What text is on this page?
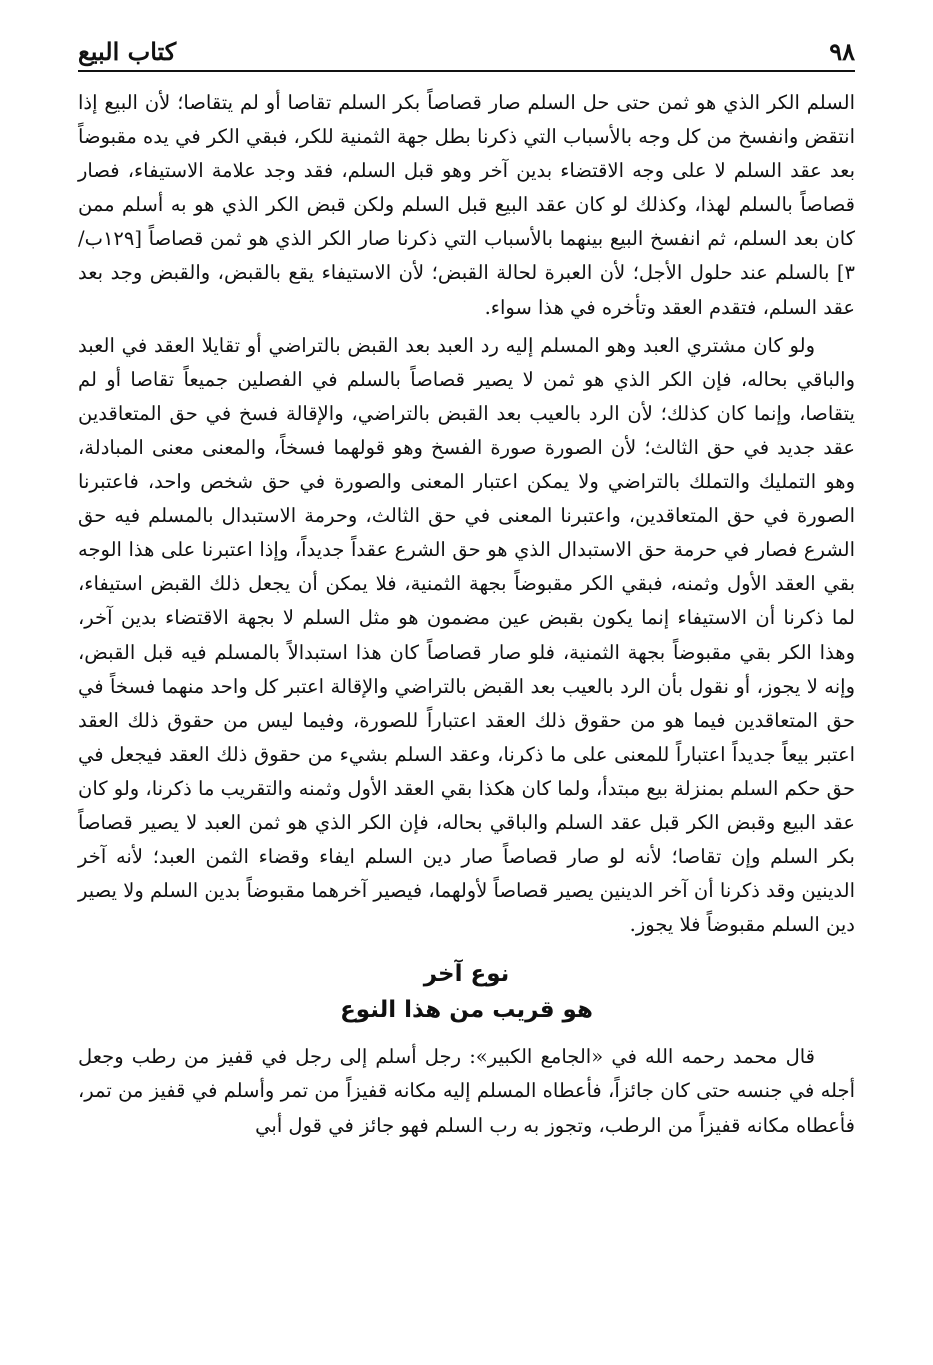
٩٨
كتاب البيع

السلم الكر الذي هو ثمن حتى حل السلم صار قصاصاً بكر السلم تقاصا أو لم يتقاصا؛ لأن البيع إذا انتقض وانفسخ من كل وجه بالأسباب التي ذكرنا بطل جهة الثمنية للكر، فبقي الكر في يده مقبوضاً بعد عقد السلم لا على وجه الاقتضاء بدين آخر وهو قبل السلم، فقد وجد علامة الاستيفاء، فصار قصاصاً بالسلم لهذا، وكذلك لو كان عقد البيع قبل السلم ولكن قبض الكر الذي هو به أسلم ممن كان بعد السلم، ثم انفسخ البيع بينهما بالأسباب التي ذكرنا صار الكر الذي هو ثمن قصاصاً [١٢٩ب/٣] بالسلم عند حلول الأجل؛ لأن العبرة لحالة القبض؛ لأن الاستيفاء يقع بالقبض، والقبض وجد بعد عقد السلم، فتقدم العقد وتأخره في هذا سواء.

ولو كان مشتري العبد وهو المسلم إليه رد العبد بعد القبض بالتراضي أو تقايلا العقد في العبد والباقي بحاله، فإن الكر الذي هو ثمن لا يصير قصاصاً بالسلم في الفصلين جميعاً تقاصا أو لم يتقاصا، وإنما كان كذلك؛ لأن الرد بالعيب بعد القبض بالتراضي، والإقالة فسخ في حق المتعاقدين عقد جديد في حق الثالث؛ لأن الصورة صورة الفسخ وهو قولهما فسخاً، والمعنى معنى المبادلة، وهو التمليك والتملك بالتراضي ولا يمكن اعتبار المعنى والصورة في حق شخص واحد، فاعتبرنا الصورة في حق المتعاقدين، واعتبرنا المعنى في حق الثالث، وحرمة الاستبدال بالمسلم فيه حق الشرع فصار في حرمة حق الاستبدال الذي هو حق الشرع عقداً جديداً، وإذا اعتبرنا على هذا الوجه بقي العقد الأول وثمنه، فبقي الكر مقبوضاً بجهة الثمنية، فلا يمكن أن يجعل ذلك القبض استيفاء، لما ذكرنا أن الاستيفاء إنما يكون بقبض عين مضمون هو مثل السلم لا بجهة الاقتضاء بدين آخر، وهذا الكر بقي مقبوضاً بجهة الثمنية، فلو صار قصاصاً كان هذا استبدالاً بالمسلم فيه قبل القبض، وإنه لا يجوز، أو نقول بأن الرد بالعيب بعد القبض بالتراضي والإقالة اعتبر كل واحد منهما فسخاً في حق المتعاقدين فيما هو من حقوق ذلك العقد اعتباراً للصورة، وفيما ليس من حقوق ذلك العقد اعتبر بيعاً جديداً اعتباراً للمعنى على ما ذكرنا، وعقد السلم بشيء من حقوق ذلك العقد فيجعل في حق حكم السلم بمنزلة بيع مبتدأ، ولما كان هكذا بقي العقد الأول وثمنه والتقريب ما ذكرنا، ولو كان عقد البيع وقبض الكر قبل عقد السلم والباقي بحاله، فإن الكر الذي هو ثمن العبد لا يصير قصاصاً بكر السلم وإن تقاصا؛ لأنه لو صار قصاصاً صار دين السلم ايفاء وقضاء الثمن العبد؛ لأنه آخر الدينين وقد ذكرنا أن آخر الدينين يصير قصاصاً لأولهما، فيصير آخرهما مقبوضاً بدين السلم ولا يصير دين السلم مقبوضاً فلا يجوز.

نوع آخر

هو قريب من هذا النوع

قال محمد رحمه الله في «الجامع الكبير»: رجل أسلم إلى رجل في قفيز من رطب وجعل أجله في جنسه حتى كان جائزاً، فأعطاه المسلم إليه مكانه قفيزاً من تمر وأسلم في قفيز من تمر، فأعطاه مكانه قفيزاً من الرطب، وتجوز به رب السلم فهو جائز في قول أبي
